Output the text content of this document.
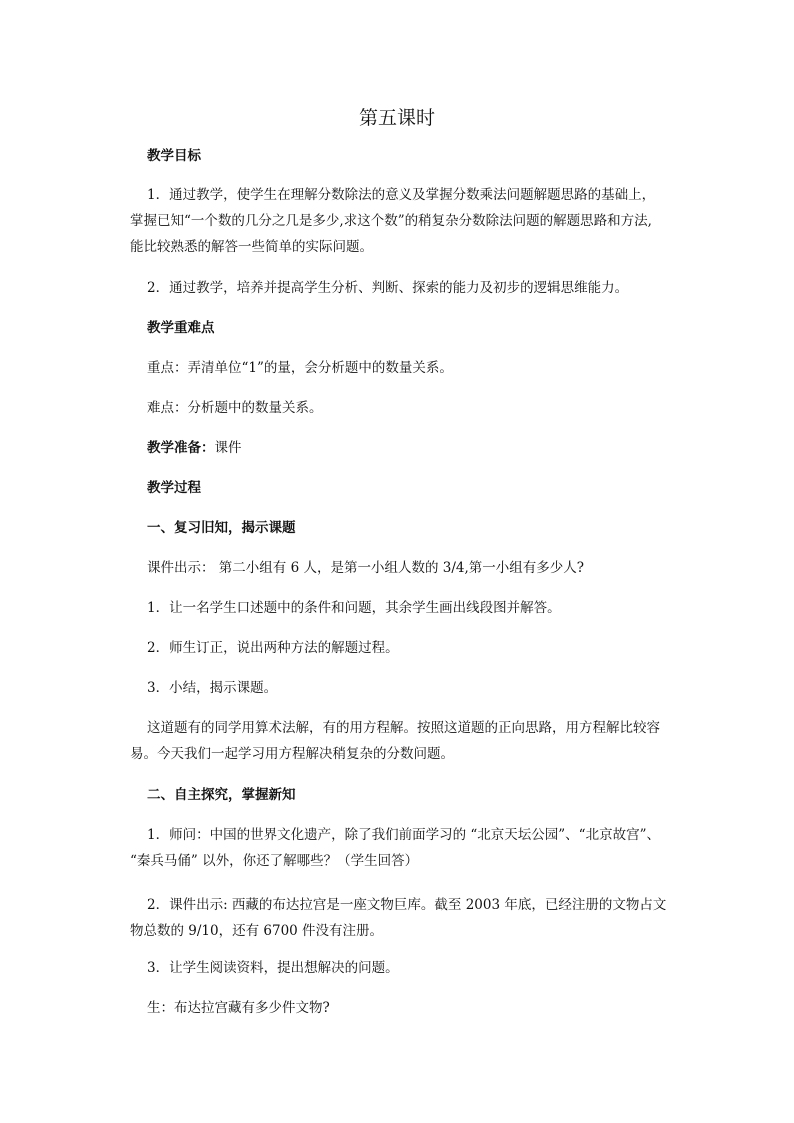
第五课时
教学目标
1．通过教学，使学生在理解分数除法的意义及掌握分数乘法问题解题思路的基础上，
掌握已知“一个数的几分之几是多少,求这个数”的稍复杂分数除法问题的解题思路和方法,
能比较熟悉的解答一些简单的实际问题。
2．通过教学，培养并提高学生分析、判断、探索的能力及初步的逻辑思维能力。
教学重难点
重点：弄清单位“1”的量，会分析题中的数量关系。
难点：分析题中的数量关系。
教学准备：课件
教学过程
一、复习旧知，揭示课题
课件出示： 第二小组有 6 人，是第一小组人数的 3/4,第一小组有多少人?
1．让一名学生口述题中的条件和问题，其余学生画出线段图并解答。
2．师生订正，说出两种方法的解题过程。
3．小结，揭示课题。
这道题有的同学用算术法解，有的用方程解。按照这道题的正向思路，用方程解比较容
易。今天我们一起学习用方程解决稍复杂的分数问题。
二、自主探究，掌握新知
1．师问：中国的世界文化遗产，除了我们前面学习的 “北京天坛公园”、“北京故宫”、
“秦兵马俑” 以外，你还了解哪些？（学生回答）
2．课件出示: 西藏的布达拉宫是一座文物巨库。截至 2003 年底，已经注册的文物占文
物总数的 9/10，还有 6700 件没有注册。
3．让学生阅读资料，提出想解决的问题。
生：布达拉宫藏有多少件文物?
